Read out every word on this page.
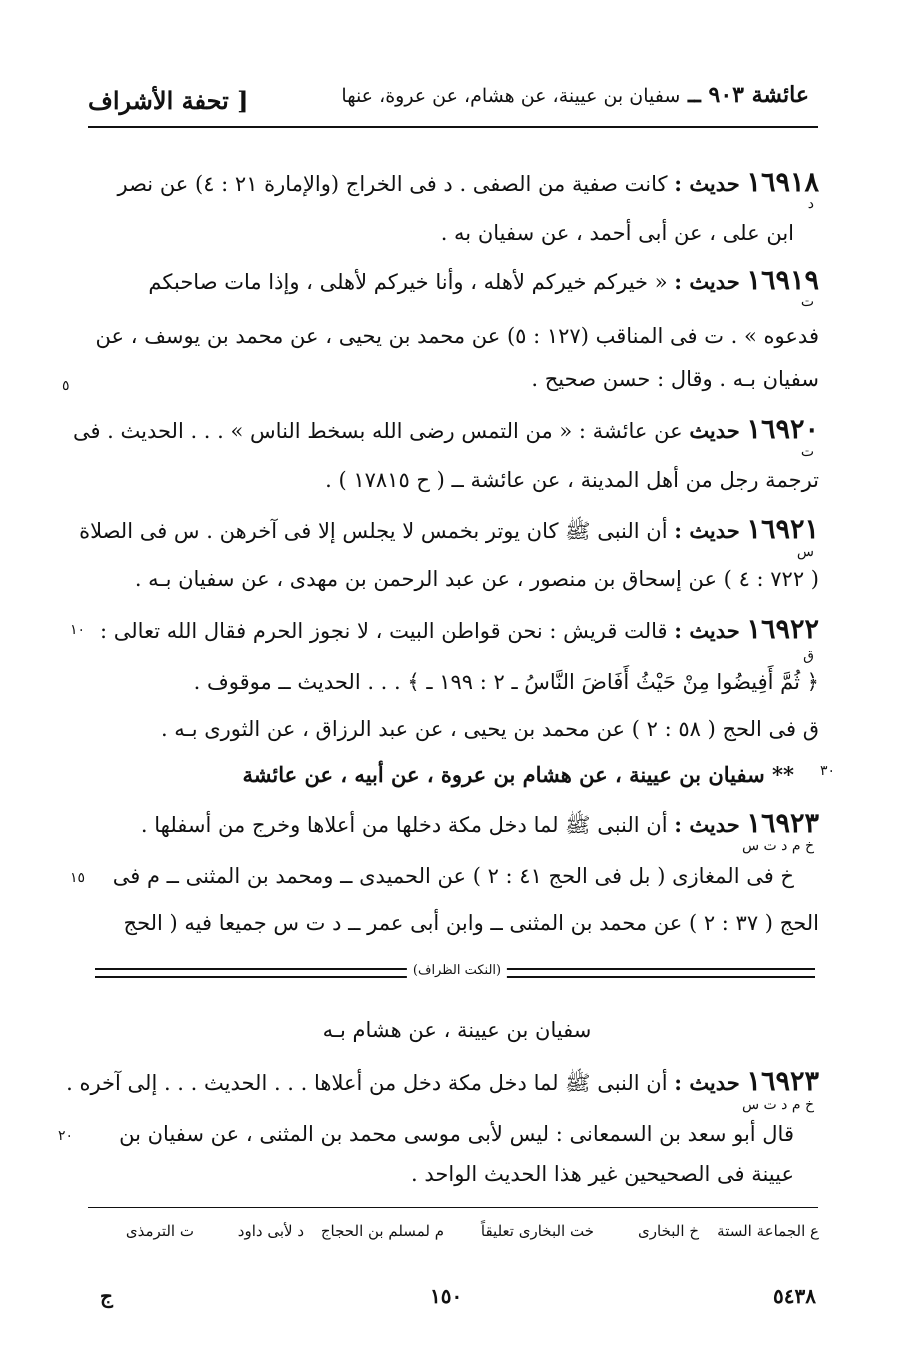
عائشة ٩٠٣ ــ سفيان بن عيينة، عن هشام، عن عروة، عنها
[ تحفة الأشراف
١٦٩١٨ حديث : كانت صفية من الصفى . د فى الخراج (والإمارة ٢١ : ٤) عن نصر
ابن على ، عن أبى أحمد ، عن سفيان به .
١٦٩١٩ حديث : « خيركم خيركم لأهله ، وأنا خيركم لأهلى ، وإذا مات صاحبكم
فدعوه » . ت فى المناقب (١٢٧ : ٥) عن محمد بن يحيى ، عن محمد بن يوسف ، عن
سفيان بـه . وقال : حسن صحيح .
١٦٩٢٠ حديث عن عائشة : « من التمس رضى الله بسخط الناس » . . . الحديث . فى
ترجمة رجل من أهل المدينة ، عن عائشة ــ ( ح ١٧٨١٥ ) .
١٦٩٢١ حديث : أن النبى ﷺ كان يوتر بخمس لا يجلس إلا فى آخرهن . س فى الصلاة
( ٧٢٢ : ٤ ) عن إسحاق بن منصور ، عن عبد الرحمن بن مهدى ، عن سفيان بـه .
١٦٩٢٢ حديث : قالت قريش : نحن قواطن البيت ، لا نجوز الحرم فقال الله تعالى :
﴿ ثُمَّ أَفِيضُوا مِنْ حَيْثُ أَفَاضَ النَّاسُ ـ ٢ : ١٩٩ ـ ﴾ . . . الحديث ــ موقوف .
ق فى الحج ( ٥٨ : ٢ ) عن محمد بن يحيى ، عن عبد الرزاق ، عن الثورى بـه .
** سفيان بن عيينة ، عن هشام بن عروة ، عن أبيه ، عن عائشة
١٦٩٢٣ حديث : أن النبى ﷺ لما دخل مكة دخلها من أعلاها وخرج من أسفلها .
خ فى المغازى ( بل فى الحج ٤١ : ٢ ) عن الحميدى ــ ومحمد بن المثنى ــ م فى
الحج ( ٣٧ : ٢ ) عن محمد بن المثنى ــ وابن أبى عمر ــ د ت س جميعا فيه ( الحج
د
ت
ت
س
ق
خ م د ت س
٥
٣٠
١٠
١٥
٢٠
(النكت الظراف)
سفيان بن عيينة ، عن هشام بـه
١٦٩٢٣ حديث : أن النبى ﷺ لما دخل مكة دخل من أعلاها . . . الحديث . . . إلى آخره .
خ م د ت س
قال أبو سعد بن السمعانى : ليس لأبى موسى محمد بن المثنى ، عن سفيان بن
عيينة فى الصحيحين غير هذا الحديث الواحد .
ع الجماعة الستة
خ البخارى
خت البخارى تعليقاً
م لمسلم بن الحجاج
د لأبى داود
ت الترمذى
ج	١٥٠	٥٤٣٨
